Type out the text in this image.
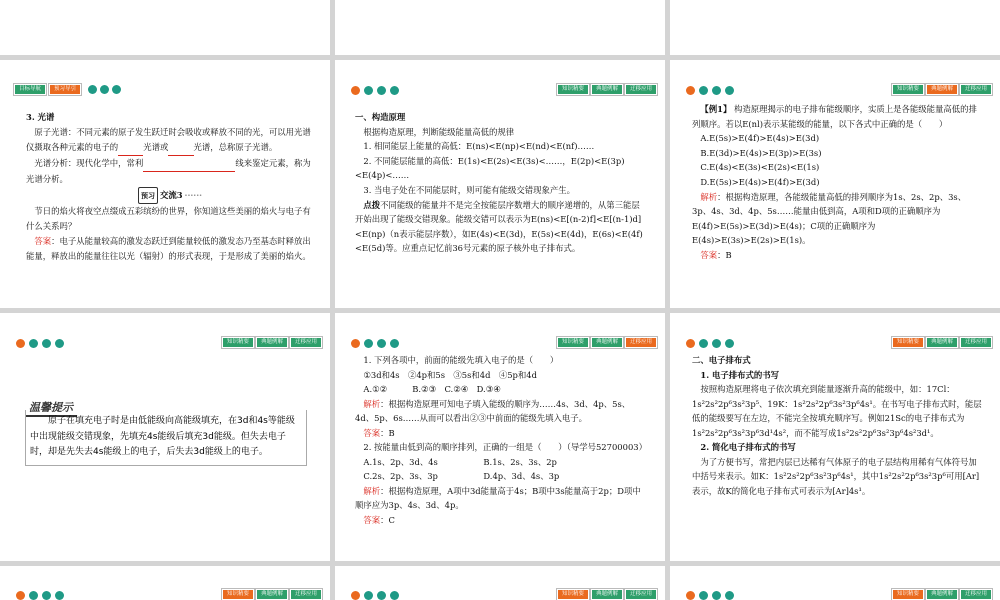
目标导航	预习导引

3. 光谱

原子光谱：不同元素的原子发生跃迁时会吸收或释放不同的光，可以用光谱仪摄取各种元素的电子的	光谱或	光谱，总称原子光谱。

光谱分析：现代化学中，常利	线来鉴定元素，称为光谱分析。

预习 交流3 ······

节日的焰火将夜空点缀成五彩缤纷的世界，你知道这些美丽的焰火与电子有什么关系吗？

答案：电子从能量较高的激发态跃迁到能量较低的激发态乃至基态时释放出能量，释放出的能量往往以光（辐射）的形式表现，于是形成了美丽的焰火。

知识精要	典题例解	迁移应用

一、构造原理

根据构造原理，判断能级能量高低的规律

1. 相同能层上能量的高低：E(ns)<E(np)<E(nd)<E(nf)……

2. 不同能层能量的高低：E(1s)<E(2s)<E(3s)<……，E(2p)<E(3p)<E(4p)<……

3. 当电子处在不同能层时，则可能有能级交错现象产生。

点拨不同能级的能量并不是完全按能层序数增大的顺序递增的，从第三能层开始出现了能级交错现象。能级交错可以表示为E(ns)<E[(n-2)f]<E[(n-1)d]<E(np)（n表示能层序数），如E(4s)<E(3d)，E(5s)<E(4d)，E(6s)<E(4f)<E(5d)等。应重点记忆前36号元素的原子核外电子排布式。

知识精要	典题例解	迁移应用

【例1】 构造原理揭示的电子排布能级顺序，实质上是各能级能量高低的排列顺序。若以E(nl)表示某能级的能量，以下各式中正确的是（　　）

A.E(5s)>E(4f)>E(4s)>E(3d)

B.E(3d)>E(4s)>E(3p)>E(3s)

C.E(4s)<E(3s)<E(2s)<E(1s)

D.E(5s)>E(4s)>E(4f)>E(3d)

解析：根据构造原理，各能级能量高低的排列顺序为1s、2s、2p、3s、3p、4s、3d、4p、5s……能量由低到高，A项和D项的正确顺序为E(4f)>E(5s)>E(3d)>E(4s)；C项的正确顺序为E(4s)>E(3s)>E(2s)>E(1s)。

答案：B

知识精要	典题例解	迁移应用
温馨提示
原子在填充电子时是由低能级向高能级填充，在3d和4s等能级中出现能级交错现象，先填充4s能级后填充3d能级。但失去电子时，却是先失去4s能级上的电子，后失去3d能级上的电子。
知识精要	典题例解	迁移应用

1. 下列各项中，前面的能级先填入电子的是（　　）

①3d和4s　②4p和5s　③5s和4d　④5p和4d

A.①②　　　B.②③　C.②④　D.③④

解析：根据构造原理可知电子填入能级的顺序为……4s、3d、4p、5s、4d、5p、6s……从而可以看出②③中前面的能级先填入电子。

答案：B

2. 按能量由低到高的顺序排列，正确的一组是（　　）（导学号52700003）

A.1s、2p、3d、4s	B.1s、2s、3s、2p

C.2s、2p、3s、3p	D.4p、3d、4s、3p

解析：根据构造原理，A项中3d能量高于4s；B项中3s能量高于2p；D项中顺序应为3p、4s、3d、4p。

答案：C

知识精要	典题例解	迁移应用

二、电子排布式

1. 电子排布式的书写

按照构造原理将电子依次填充到能量逐渐升高的能级中，如：17Cl：1s²2s²2p⁶3s²3p⁵、19K：1s²2s²2p⁶3s²3p⁶4s¹。在书写电子排布式时，能层低的能级要写在左边，不能完全按填充顺序写。例如21Sc的电子排布式为1s²2s²2p⁶3s²3p⁶3d¹4s²，而不能写成1s²2s²2p⁶3s²3p⁶4s²3d¹。

2. 简化电子排布式的书写

为了方便书写，常把内层已达稀有气体原子的电子层结构用稀有气体符号加中括号来表示。如K：1s²2s²2p⁶3s²3p⁶4s¹，其中1s²2s²2p⁶3s²3p⁶可用[Ar]表示，故K的简化电子排布式可表示为[Ar]4s¹。

知识精要	典题例解	迁移应用	知识精要	典题例解	迁移应用	知识精要	典题例解	迁移应用
